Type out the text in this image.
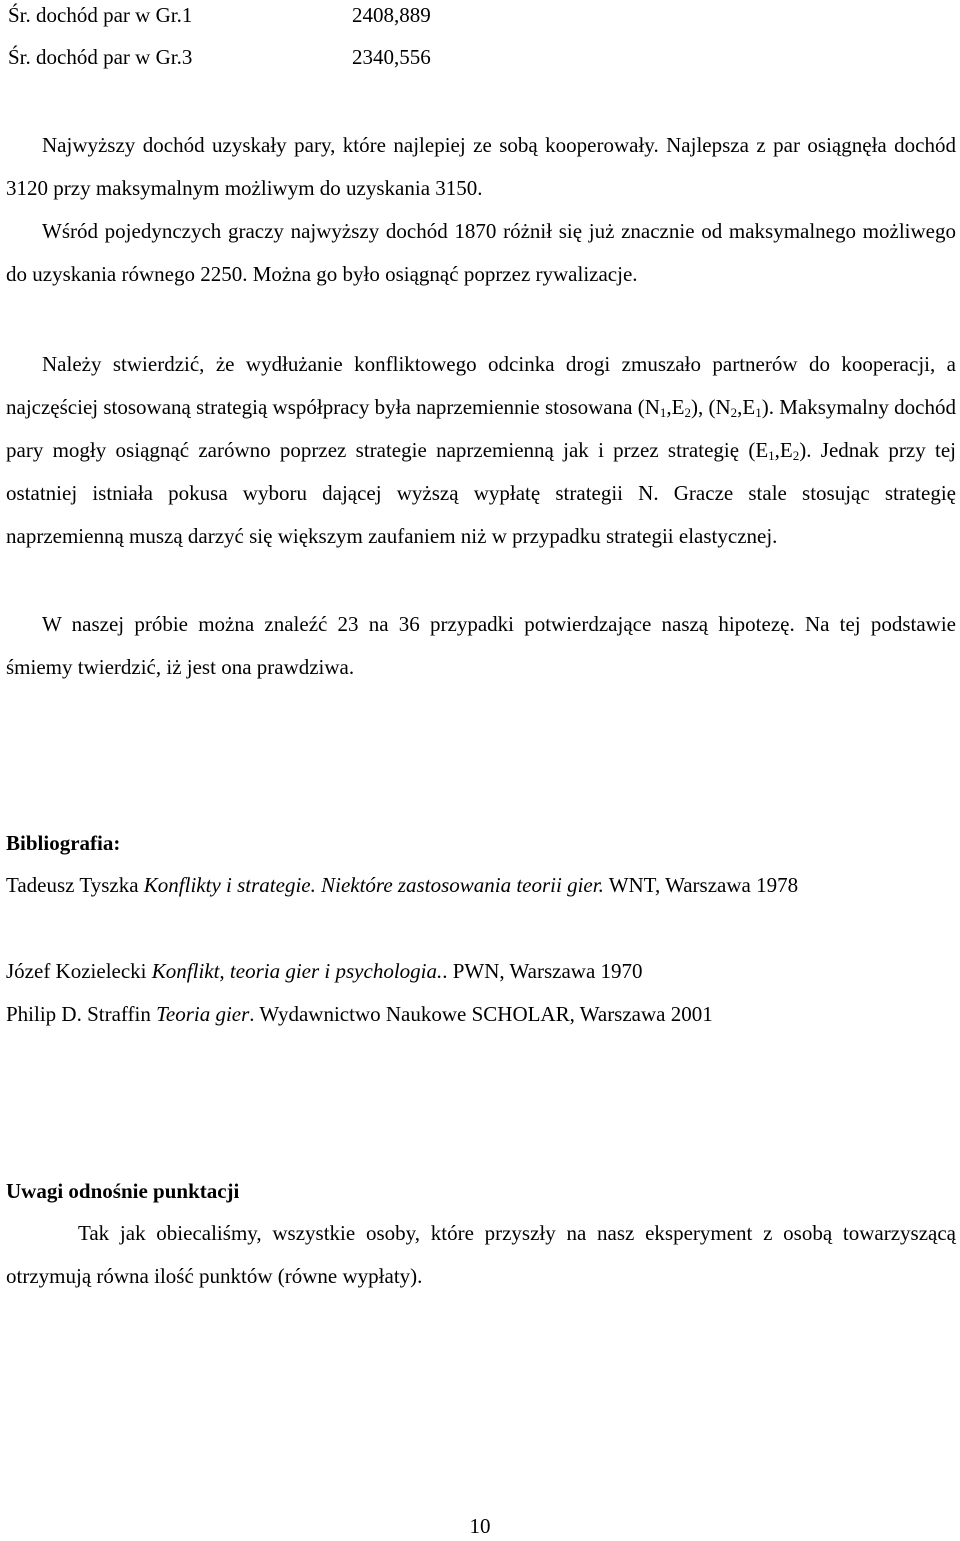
Śr. dochód par w Gr.1	2408,889
Śr. dochód par w Gr.3	2340,556

Najwyższy dochód uzyskały pary, które najlepiej ze sobą kooperowały. Najlepsza z par osiągnęła dochód 3120 przy maksymalnym możliwym do uzyskania 3150.

Wśród pojedynczych graczy najwyższy dochód 1870 różnił się już znacznie od maksymalnego możliwego do uzyskania równego 2250. Można go było osiągnąć poprzez rywalizacje.

Należy stwierdzić, że wydłużanie konfliktowego odcinka drogi zmuszało partnerów do kooperacji, a najczęściej stosowaną strategią współpracy była naprzemiennie stosowana $(N_1,E_2)$, $(N_2,E_1)$. Maksymalny dochód pary mogły osiągnąć zarówno poprzez strategie naprzemienną jak i przez strategię $(E_1,E_2)$. Jednak przy tej ostatniej istniała pokusa wyboru dającej wyższą wypłatę strategii N. Gracze stale stosując strategię naprzemienną muszą darzyć się większym zaufaniem niż w przypadku strategii elastycznej.

W naszej próbie można znaleźć 23 na 36 przypadki potwierdzające naszą hipotezę. Na tej podstawie śmiemy twierdzić, iż jest ona prawdziwa.

Bibliografia:

Tadeusz Tyszka Konflikty i strategie. Niektóre zastosowania teorii gier. WNT, Warszawa 1978

Józef Kozielecki Konflikt, teoria gier i psychologia.. PWN, Warszawa 1970

Philip D. Straffin Teoria gier. Wydawnictwo Naukowe SCHOLAR, Warszawa 2001

Uwagi odnośnie punktacji

Tak jak obiecaliśmy, wszystkie osoby, które przyszły na nasz eksperyment z osobą towarzyszącą otrzymują równa ilość punktów (równe wypłaty).

10
